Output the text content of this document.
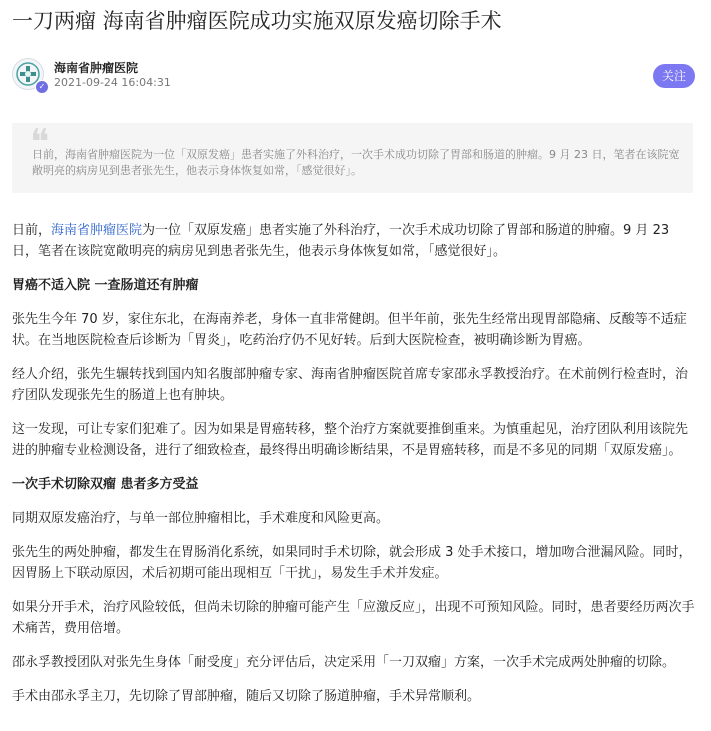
一刀两瘤 海南省肿瘤医院成功实施双原发癌切除手术
✓
海南省肿瘤医院
2021-09-24 16:04:31	关注
❝
日前，海南省肿瘤医院为一位「双原发癌」患者实施了外科治疗，一次手术成功切除了胃部和肠道的肿瘤。9 月 23 日，笔者在该院宽敞明亮的病房见到患者张先生，他表示身体恢复如常，「感觉很好」。

日前，海南省肿瘤医院为一位「双原发癌」患者实施了外科治疗，一次手术成功切除了胃部和肠道的肿瘤。9 月 23 日，笔者在该院宽敞明亮的病房见到患者张先生，他表示身体恢复如常，「感觉很好」。

胃癌不适入院 一查肠道还有肿瘤

张先生今年 70 岁，家住东北，在海南养老，身体一直非常健朗。但半年前，张先生经常出现胃部隐痛、反酸等不适症状。在当地医院检查后诊断为「胃炎」，吃药治疗仍不见好转。后到大医院检查，被明确诊断为胃癌。

经人介绍，张先生辗转找到国内知名腹部肿瘤专家、海南省肿瘤医院首席专家邵永孚教授治疗。在术前例行检查时，治疗团队发现张先生的肠道上也有肿块。

这一发现，可让专家们犯难了。因为如果是胃癌转移，整个治疗方案就要推倒重来。为慎重起见，治疗团队利用该院先进的肿瘤专业检测设备，进行了细致检查，最终得出明确诊断结果，不是胃癌转移，而是不多见的同期「双原发癌」。

一次手术切除双瘤 患者多方受益

同期双原发癌治疗，与单一部位肿瘤相比，手术难度和风险更高。

张先生的两处肿瘤，都发生在胃肠消化系统，如果同时手术切除，就会形成 3 处手术接口，增加吻合泄漏风险。同时，因胃肠上下联动原因，术后初期可能出现相互「干扰」，易发生手术并发症。

如果分开手术，治疗风险较低，但尚未切除的肿瘤可能产生「应激反应」，出现不可预知风险。同时，患者要经历两次手术痛苦，费用倍增。

邵永孚教授团队对张先生身体「耐受度」充分评估后，决定采用「一刀双瘤」方案，一次手术完成两处肿瘤的切除。

手术由邵永孚主刀，先切除了胃部肿瘤，随后又切除了肠道肿瘤，手术异常顺利。
